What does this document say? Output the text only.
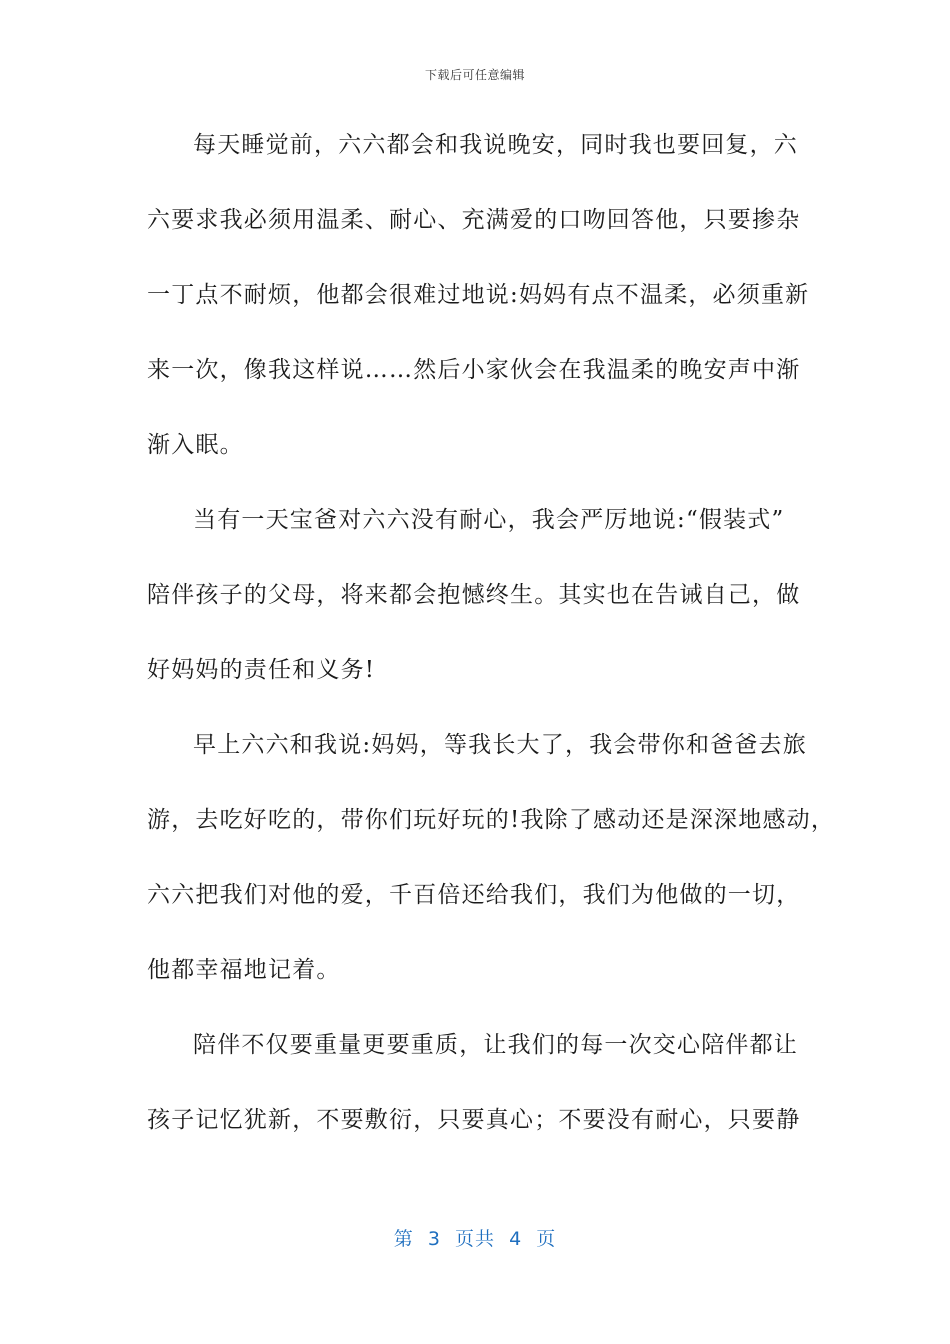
下载后可任意编辑
每天睡觉前，六六都会和我说晚安，同时我也要回复，六
六要求我必须用温柔、耐心、充满爱的口吻回答他，只要掺杂
一丁点不耐烦，他都会很难过地说:妈妈有点不温柔，必须重新
来一次，像我这样说……然后小家伙会在我温柔的晚安声中渐
渐入眠。
当有一天宝爸对六六没有耐心，我会严厉地说:“假装式”
陪伴孩子的父母，将来都会抱憾终生。其实也在告诫自己，做
好妈妈的责任和义务!
早上六六和我说:妈妈，等我长大了，我会带你和爸爸去旅
游，去吃好吃的，带你们玩好玩的!我除了感动还是深深地感动，
六六把我们对他的爱，千百倍还给我们，我们为他做的一切，
他都幸福地记着。
陪伴不仅要重量更要重质，让我们的每一次交心陪伴都让
孩子记忆犹新，不要敷衍，只要真心；不要没有耐心，只要静
第  3  页共  4  页
